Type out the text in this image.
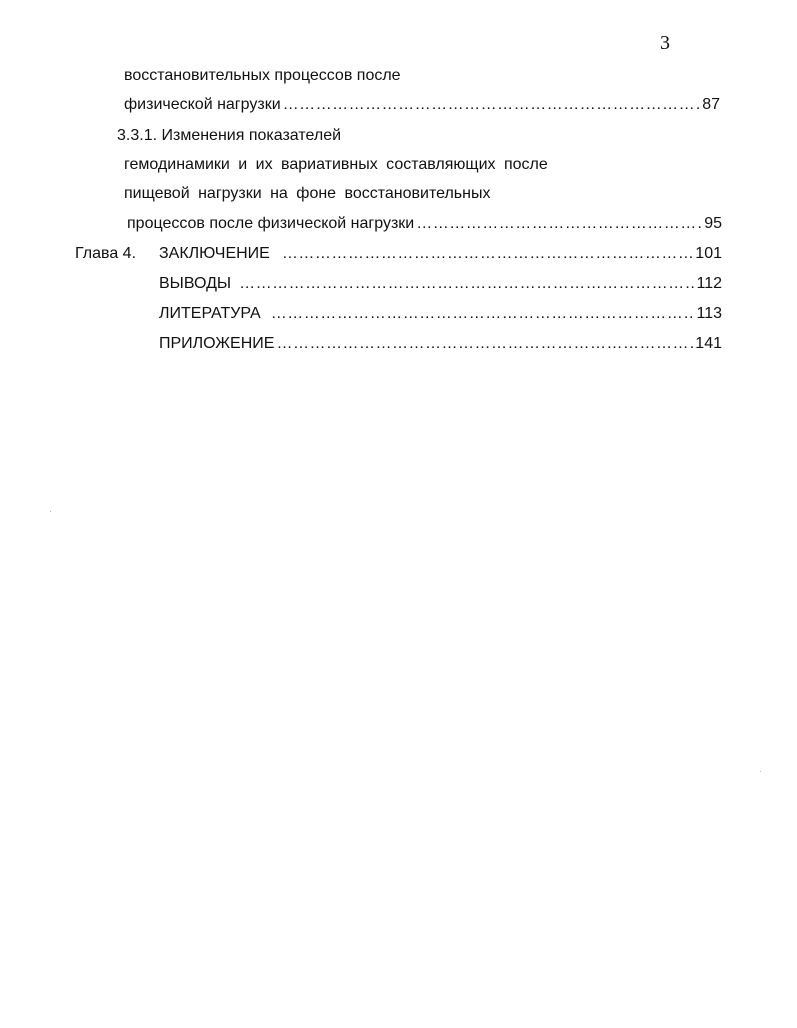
3
восстановительных процессов после
физической нагрузки ……………………………………………………………………………………………………………………………………………………………………………………………………	87
3.3.1. Изменения показателей
гемодинамики и их вариативных составляющих после
пищевой нагрузки на фоне восстановительных
процессов после физической нагрузки ……………………………………………………………………………………………………………………………………………………………………………………………………	95
Глава 4.	ЗАКЛЮЧЕНИЕ ……………………………………………………………………………………………………………………………………………………………………………………………………	101
ВЫВОДЫ ……………………………………………………………………………………………………………………………………………………………………………………………………	112
ЛИТЕРАТУРА ……………………………………………………………………………………………………………………………………………………………………………………………………	113
ПРИЛОЖЕНИЕ ……………………………………………………………………………………………………………………………………………………………………………………………………	141
